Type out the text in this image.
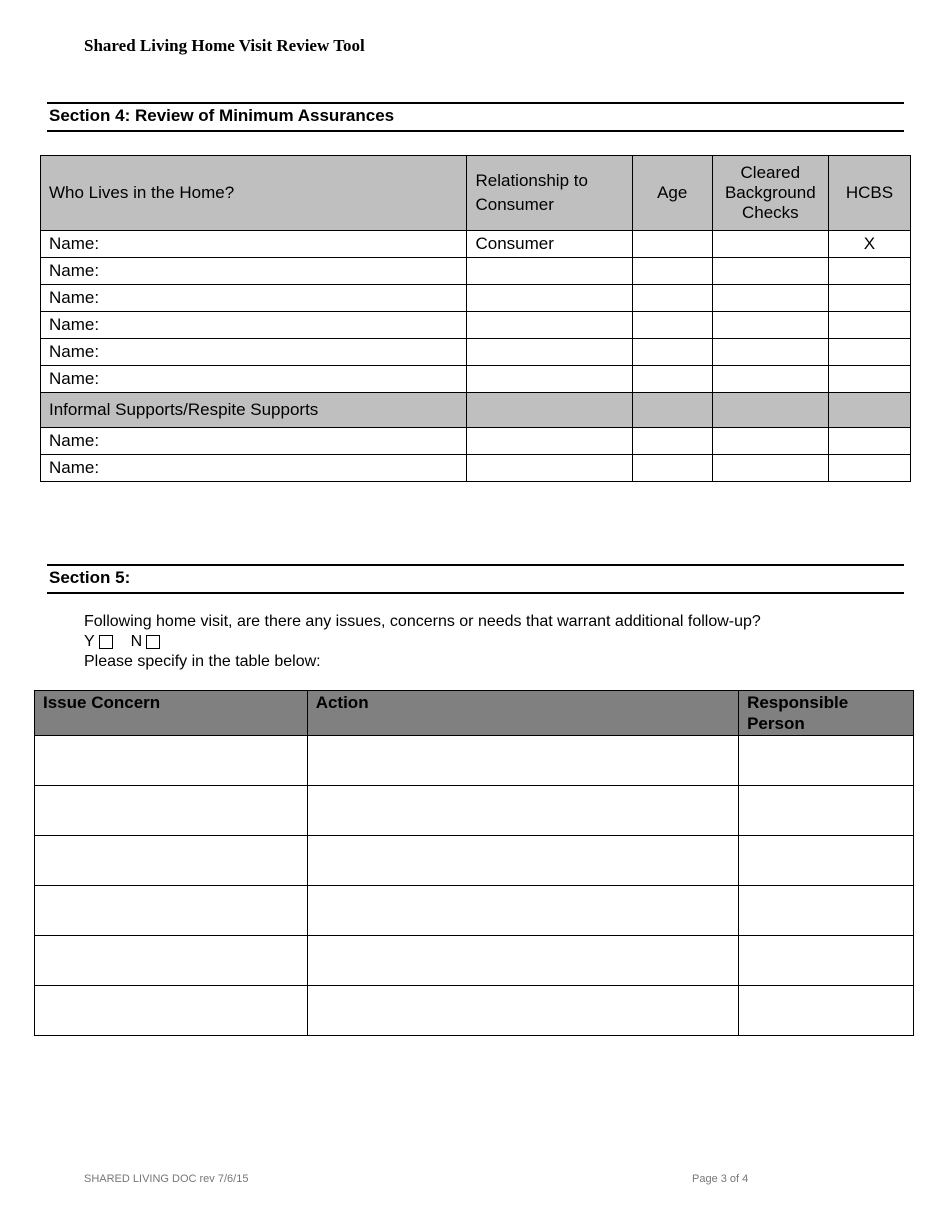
Shared Living Home Visit Review Tool
Section 4: Review of Minimum Assurances
Who Lives in the Home?	Relationship to Consumer	Age	Cleared Background Checks	HCBS
Name:	Consumer			X
Name:				
Name:				
Name:				
Name:				
Name:				
Informal Supports/Respite Supports				
Name:				
Name:				
Section 5:
Following home visit, are there any issues, concerns or needs that warrant additional follow-up?
Y N
Please specify in the table below:
Issue Concern	Action	Responsible Person

SHARED LIVING DOC rev 7/6/15	Page 3 of 4
